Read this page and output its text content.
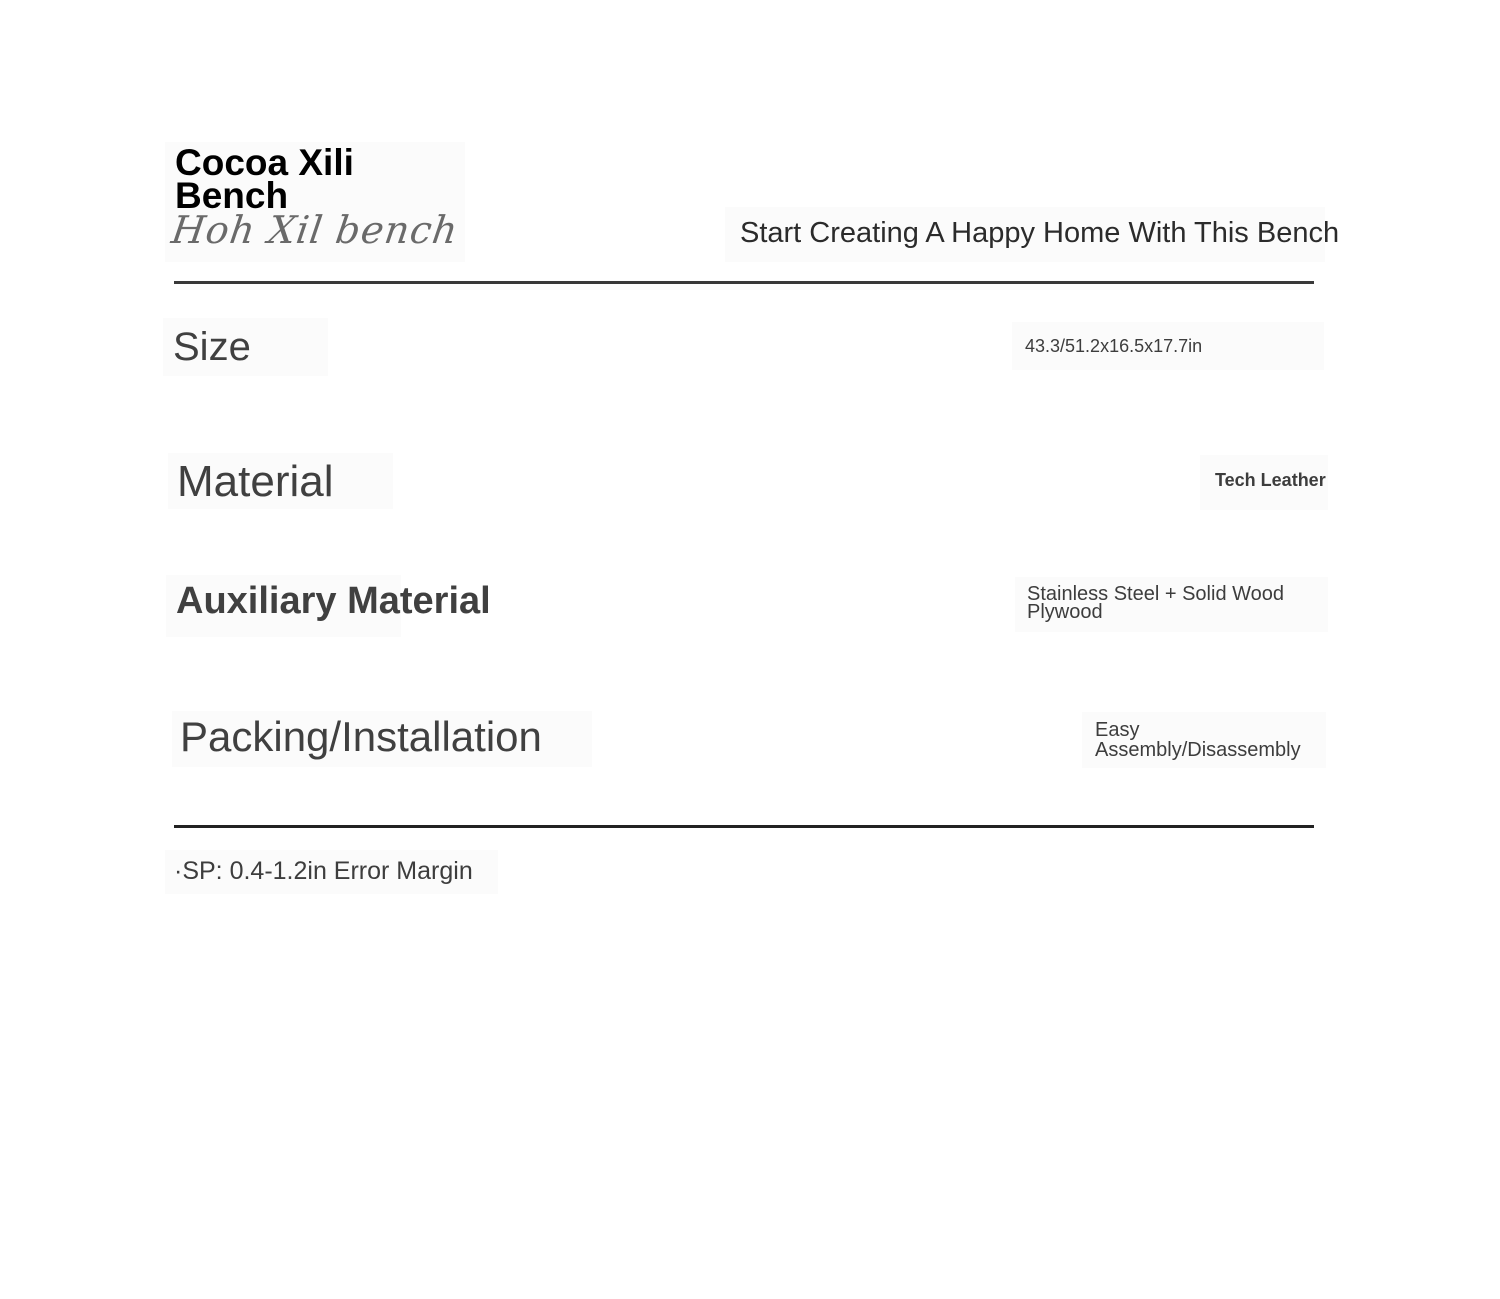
Cocoa Xili Bench
Hoh Xil bench	Start Creating A Happy Home With This Bench
Size	43.3/51.2x16.5x17.7in
Material	Tech Leather
Auxiliary Material	Stainless Steel + Solid Wood Plywood
Packing/Installation	Easy Assembly/Disassembly
·SP: 0.4-1.2in Error Margin
